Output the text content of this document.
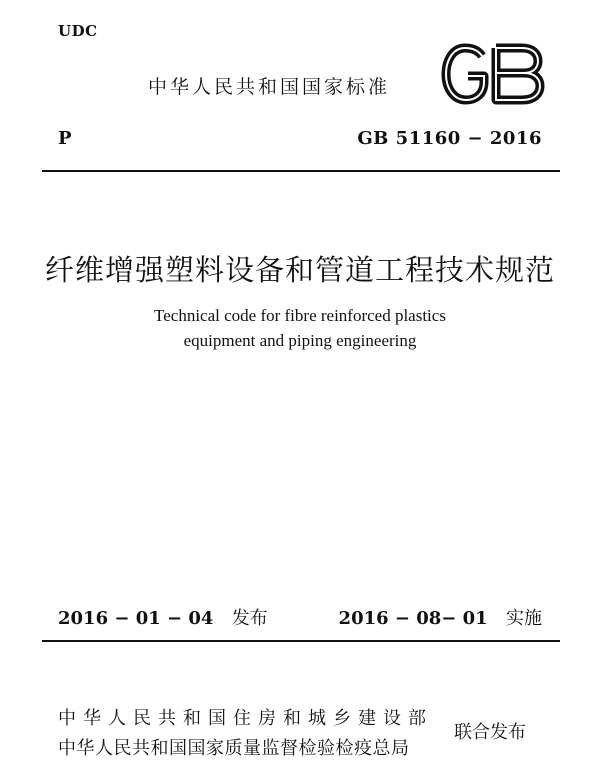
UDC
中华人民共和国国家标准
P	GB 51160 − 2016
纤维增强塑料设备和管道工程技术规范
Technical code for fibre reinforced plastics
equipment and piping engineering
2016 − 01 − 04 发布	2016 − 08− 01 实施
中华人民共和国住房和城乡建设部
中华人民共和国国家质量监督检验检疫总局
联合发布
